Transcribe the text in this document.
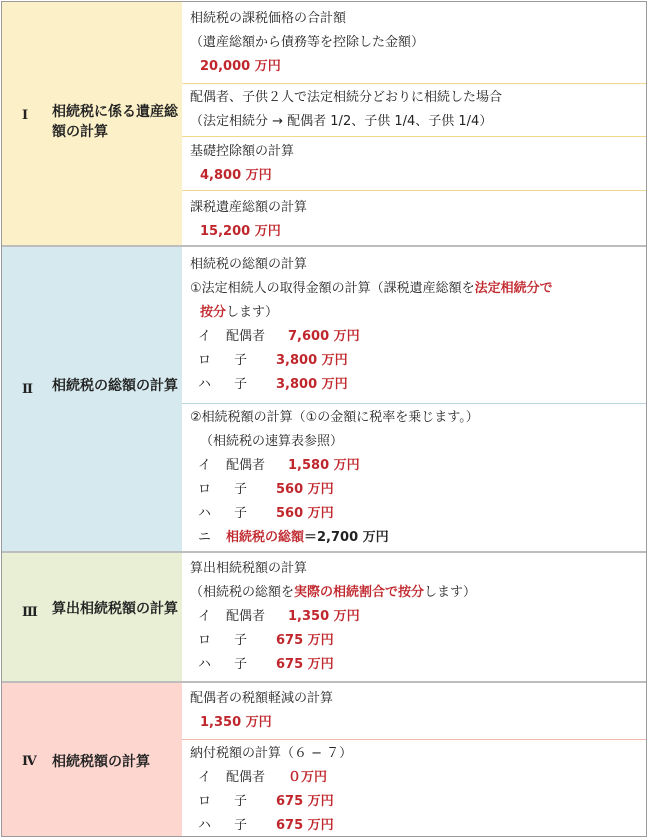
Ⅰ 相続税に係る遺産総額の計算
相続税の課税価格の合計額
（遺産総額から債務等を控除した金額）
20,000 万円
配偶者、子供２人で法定相続分どおりに相続した場合
（法定相続分 → 配偶者 1/2、子供 1/4、子供 1/4）
基礎控除額の計算
4,800 万円
課税遺産総額の計算
15,200 万円
Ⅱ 相続税の総額の計算
相続税の総額の計算
①法定相続人の取得金額の計算（課税遺産総額を法定相続分で
按分します）
イ 配偶者 7,600 万円
ロ 子 3,800 万円
ハ 子 3,800 万円
②相続税額の計算（①の金額に税率を乗じます。）
（相続税の速算表参照）
イ 配偶者 1,580 万円
ロ 子 560 万円
ハ 子 560 万円
ニ 相続税の総額＝2,700 万円
Ⅲ 算出相続税額の計算
算出相続税額の計算
（相続税の総額を実際の相続割合で按分します）
イ 配偶者 1,350 万円
ロ 子 675 万円
ハ 子 675 万円
Ⅳ 相続税額の計算
配偶者の税額軽減の計算
1,350 万円
納付税額の計算（６ − ７）
イ 配偶者 ０万円
ロ 子 675 万円
ハ 子 675 万円
